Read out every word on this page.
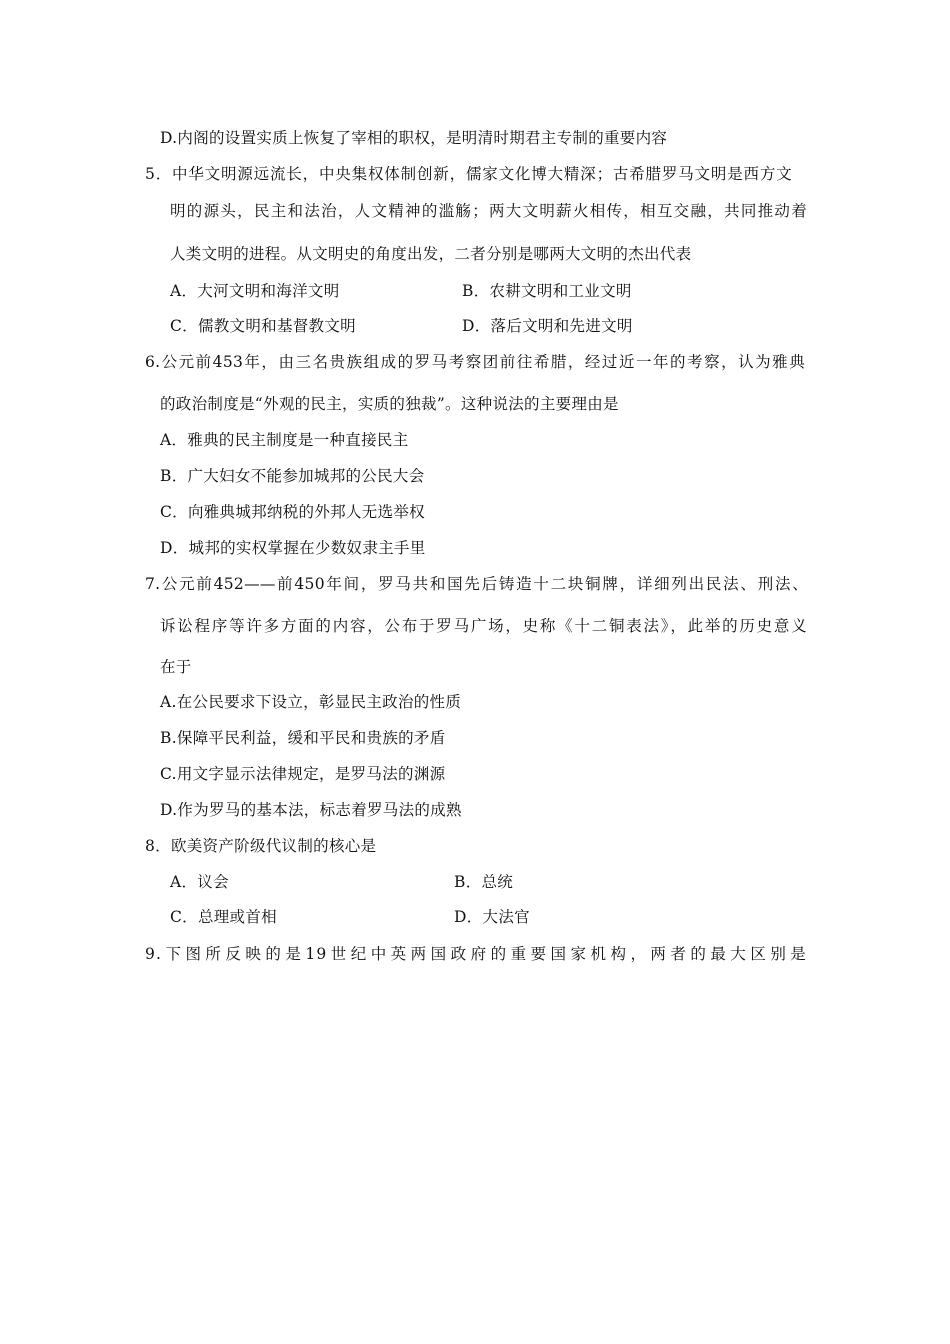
D.内阁的设置实质上恢复了宰相的职权，是明清时期君主专制的重要内容
5．中华文明源远流长，中央集权体制创新，儒家文化博大精深；古希腊罗马文明是西方文
明的源头，民主和法治，人文精神的滥觞；两大文明薪火相传，相互交融，共同推动着
人类文明的进程。从文明史的角度出发，二者分别是哪两大文明的杰出代表
A．大河文明和海洋文明	B．农耕文明和工业文明
C．儒教文明和基督教文明	D．落后文明和先进文明
6.公元前453年，由三名贵族组成的罗马考察团前往希腊，经过近一年的考察，认为雅典
的政治制度是“外观的民主，实质的独裁”。这种说法的主要理由是
A．雅典的民主制度是一种直接民主
B．广大妇女不能参加城邦的公民大会
C．向雅典城邦纳税的外邦人无选举权
D．城邦的实权掌握在少数奴隶主手里
7.公元前452——前450年间，罗马共和国先后铸造十二块铜牌，详细列出民法、刑法、
诉讼程序等许多方面的内容，公布于罗马广场，史称《十二铜表法》，此举的历史意义
在于
A.在公民要求下设立，彰显民主政治的性质
B.保障平民利益，缓和平民和贵族的矛盾
C.用文字显示法律规定，是罗马法的渊源
D.作为罗马的基本法，标志着罗马法的成熟
8．欧美资产阶级代议制的核心是
A．议会	B．总统
C．总理或首相	D．大法官
9.下图所反映的是19世纪中英两国政府的重要国家机构，两者的最大区别是
